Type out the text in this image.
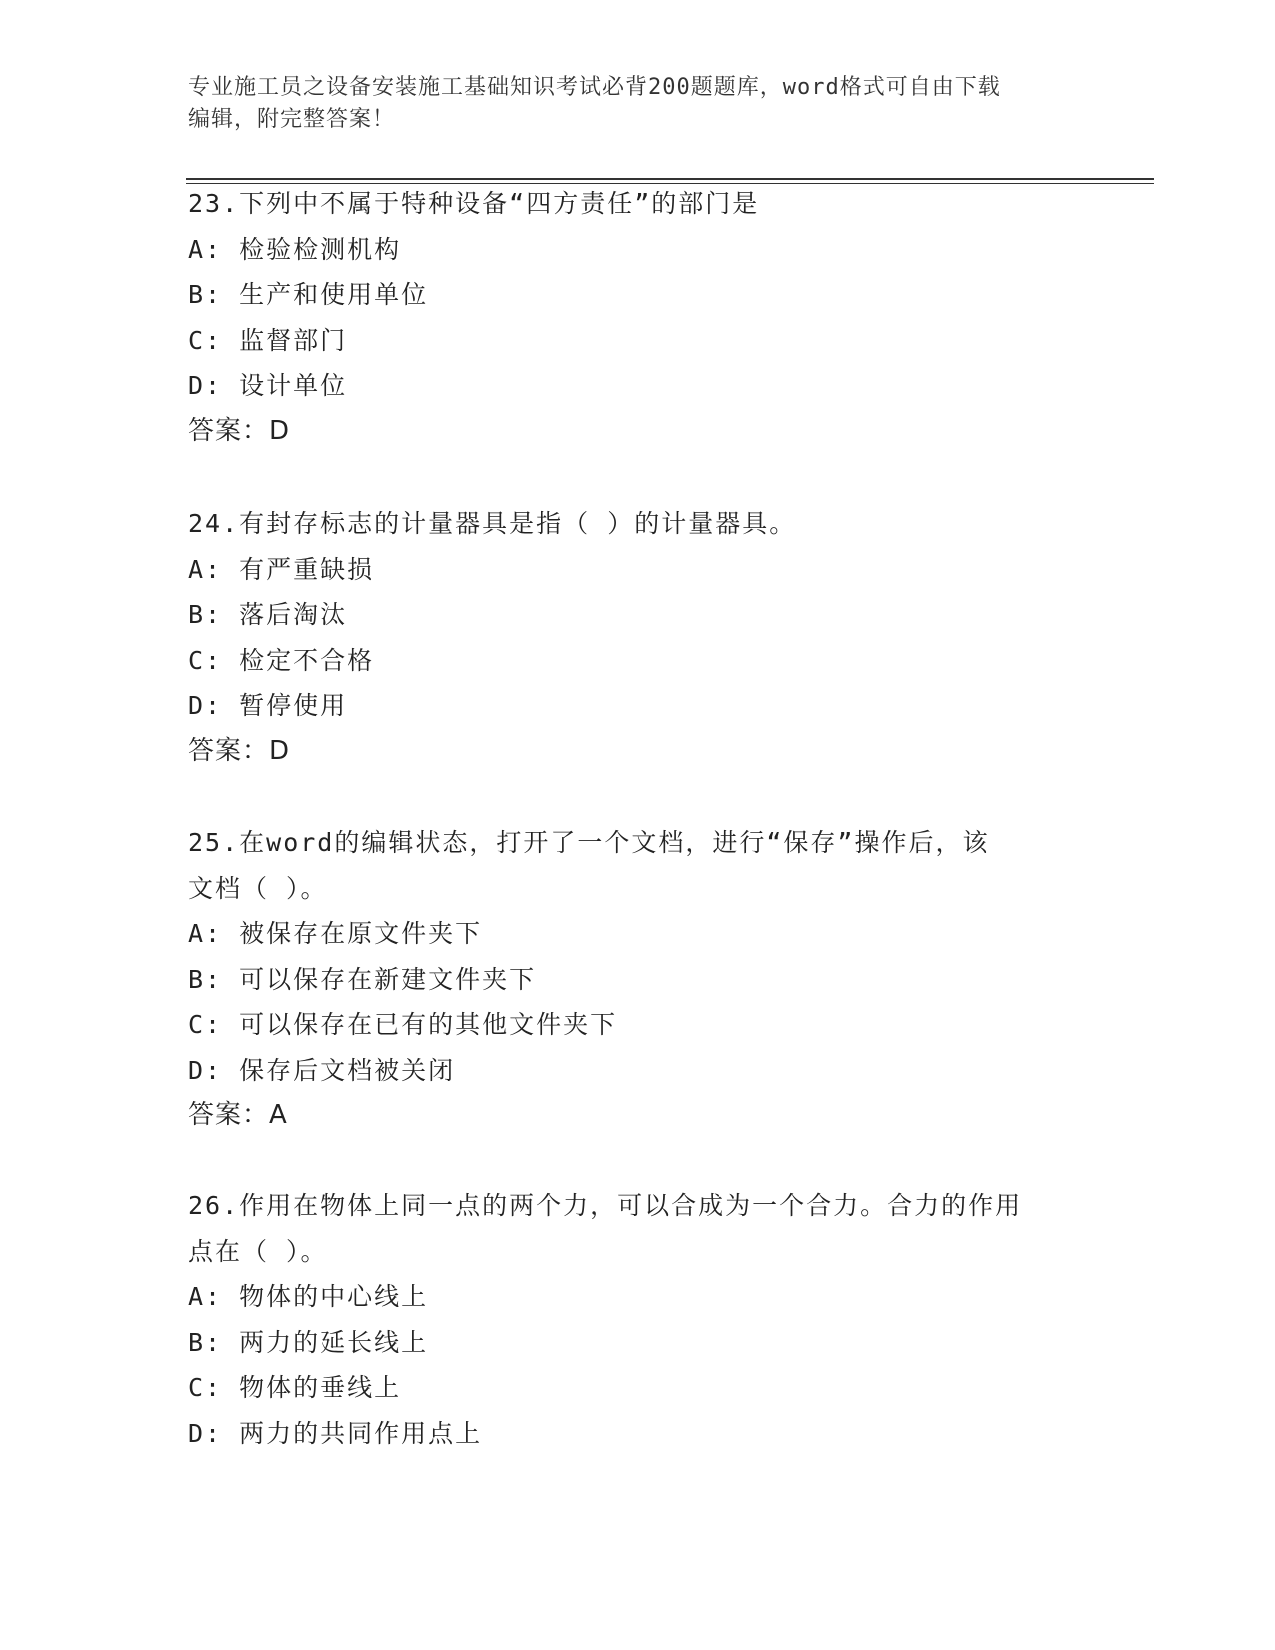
专业施工员之设备安装施工基础知识考试必背200题题库，word格式可自由下载
编辑，附完整答案！

23.下列中不属于特种设备“四方责任”的部门是

A: 检验检测机构

B: 生产和使用单位

C: 监督部门

D: 设计单位

答案：D

24.有封存标志的计量器具是指（ ）的计量器具。

A: 有严重缺损

B: 落后淘汰

C: 检定不合格

D: 暂停使用

答案：D

25.在word的编辑状态，打开了一个文档，进行“保存”操作后，该

文档（ ）。

A: 被保存在原文件夹下

B: 可以保存在新建文件夹下

C: 可以保存在已有的其他文件夹下

D: 保存后文档被关闭

答案：A

26.作用在物体上同一点的两个力，可以合成为一个合力。合力的作用

点在（ ）。

A: 物体的中心线上

B: 两力的延长线上

C: 物体的垂线上

D: 两力的共同作用点上
